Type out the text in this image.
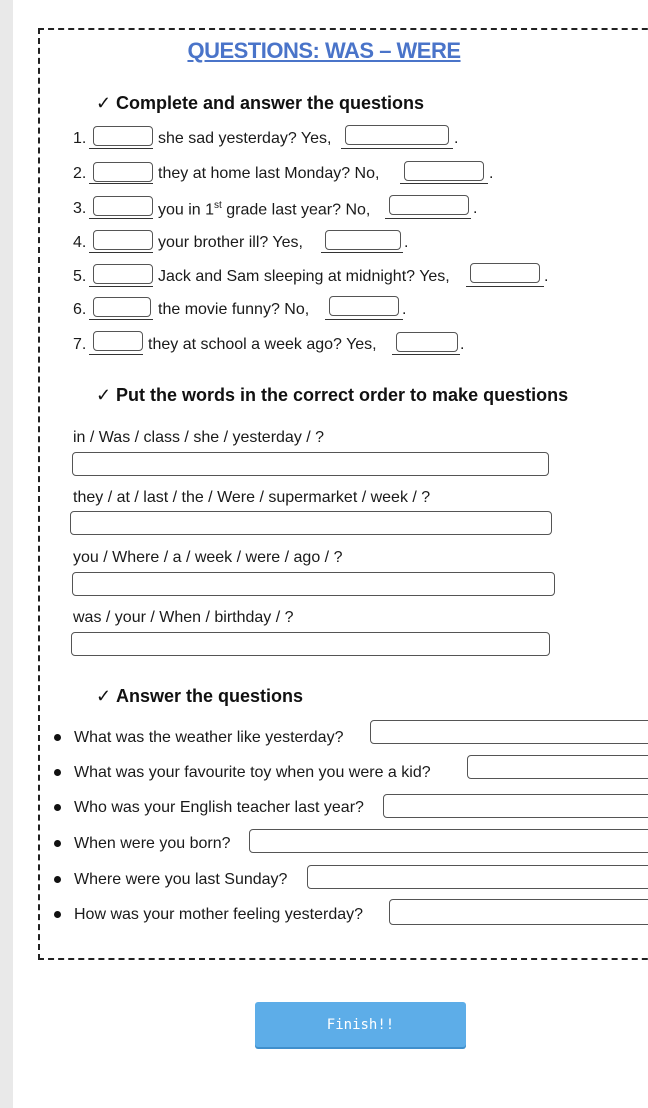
QUESTIONS: WAS – WERE
✓ Complete and answer the questions
1.	she sad yesterday? Yes,	.
2.	they at home last Monday? No,	.
3.	you in 1st grade last year? No,	.
4.	your brother ill? Yes,	.
5.	Jack and Sam sleeping at midnight? Yes,	.
6.	the movie funny? No,	.
7.	they at school a week ago? Yes,	.
✓ Put the words in the correct order to make questions
in / Was / class / she / yesterday / ?
they / at / last / the / Were / supermarket / week / ?
you / Where / a / week / were / ago / ?
was / your / When / birthday / ?
✓ Answer the questions
What was the weather like yesterday?
What was your favourite toy when you were a kid?
Who was your English teacher last year?
When were you born?
Where were you last Sunday?
How was your mother feeling yesterday?
Finish!!
